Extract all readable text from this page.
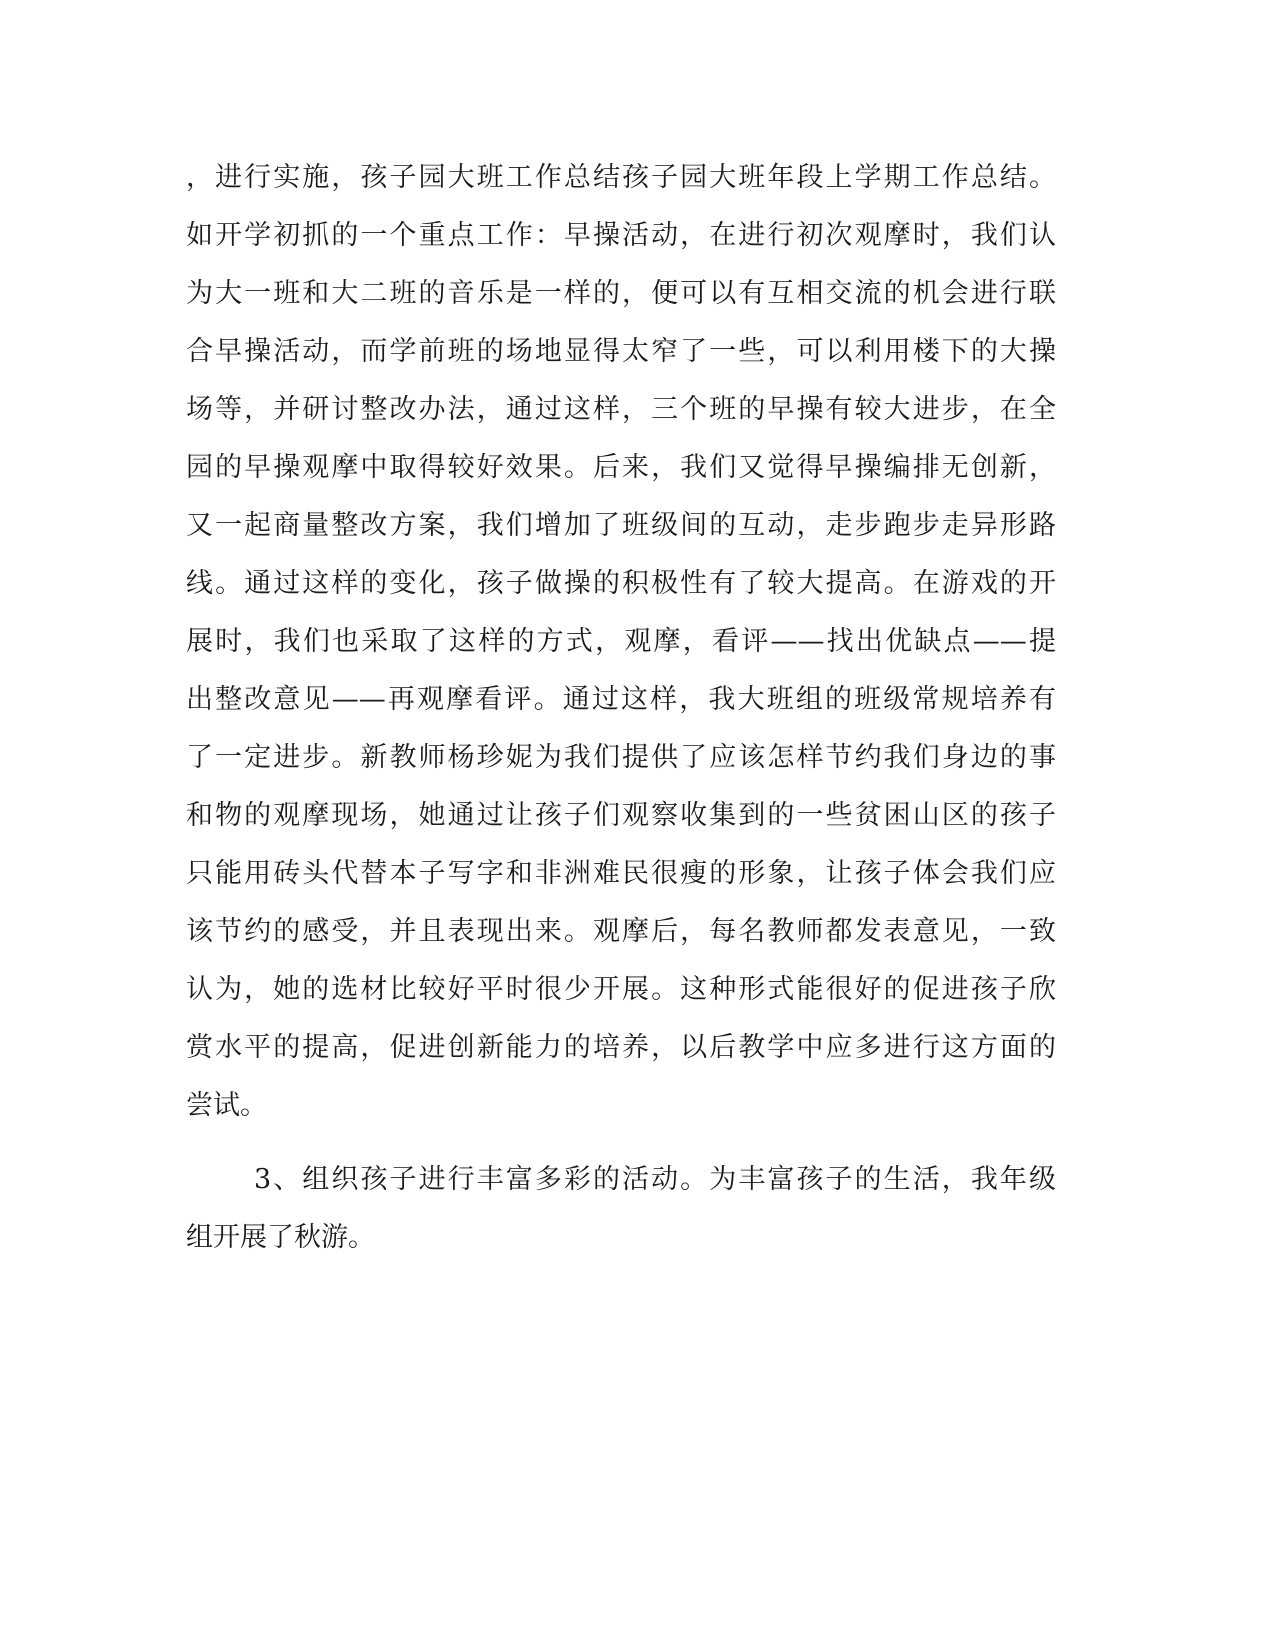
，进行实施，孩子园大班工作总结孩子园大班年段上学期工作总结。
如开学初抓的一个重点工作：早操活动，在进行初次观摩时，我们认
为大一班和大二班的音乐是一样的，便可以有互相交流的机会进行联
合早操活动，而学前班的场地显得太窄了一些，可以利用楼下的大操
场等，并研讨整改办法，通过这样，三个班的早操有较大进步，在全
园的早操观摩中取得较好效果。后来，我们又觉得早操编排无创新，
又一起商量整改方案，我们增加了班级间的互动，走步跑步走异形路
线。通过这样的变化，孩子做操的积极性有了较大提高。在游戏的开
展时，我们也采取了这样的方式，观摩，看评——找出优缺点——提
出整改意见——再观摩看评。通过这样，我大班组的班级常规培养有
了一定进步。新教师杨珍妮为我们提供了应该怎样节约我们身边的事
和物的观摩现场，她通过让孩子们观察收集到的一些贫困山区的孩子
只能用砖头代替本子写字和非洲难民很瘦的形象，让孩子体会我们应
该节约的感受，并且表现出来。观摩后，每名教师都发表意见，一致
认为，她的选材比较好平时很少开展。这种形式能很好的促进孩子欣
赏水平的提高，促进创新能力的培养，以后教学中应多进行这方面的
尝试。
3、组织孩子进行丰富多彩的活动。为丰富孩子的生活，我年级
组开展了秋游。
